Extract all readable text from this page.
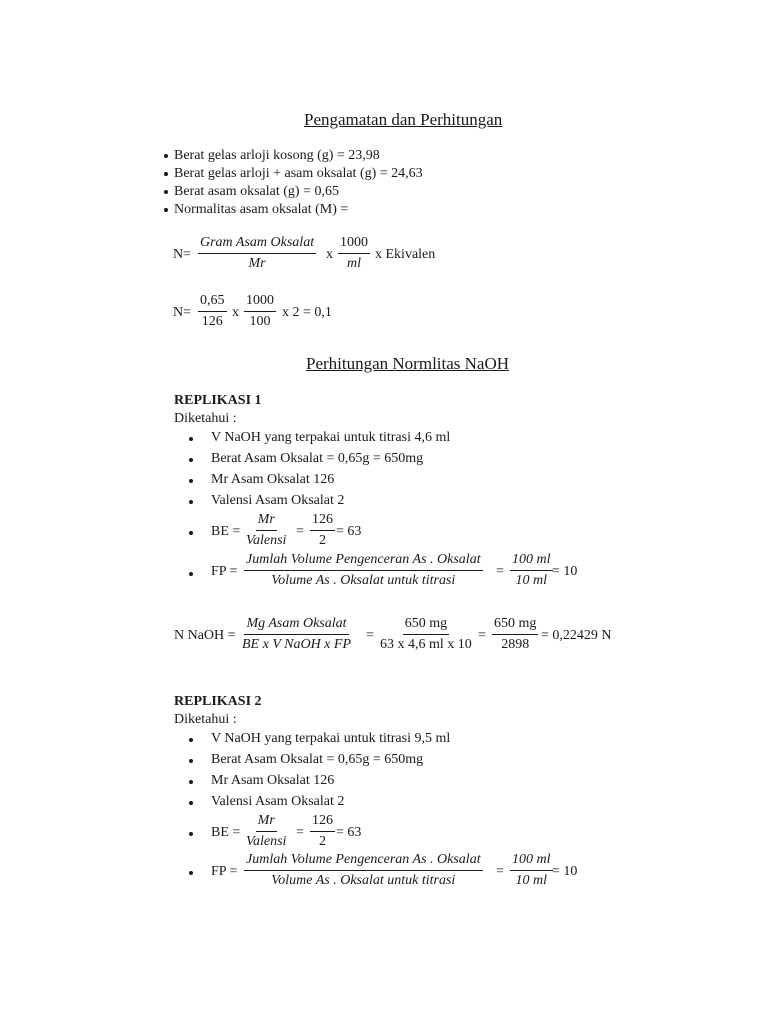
Pengamatan dan Perhitungan
Berat gelas arloji kosong (g) = 23,98
Berat gelas arloji + asam oksalat (g) = 24,63
Berat asam oksalat (g) = 0,65
Normalitas asam oksalat (M) =
N=
Gram Asam Oksalat
Mr
x $\frac{1000}{ml}$ x Ekivalen
$N= \frac{0,65}{126}$ x $\frac{1000}{100}$ x 2 = 0,1
Perhitungan Normlitas NaOH
REPLIKASI 1
Diketahui :
V NaOH yang terpakai untuk titrasi 4,6 ml
Berat Asam Oksalat = 0,65g = 650mg
Mr Asam Oksalat 126
Valensi Asam Oksalat 2
BE =
Mr
Valensi
= $\frac{126}{2} = 63$
FP =
Jumlah Volume Pengenceran As . Oksalat
Volume As . Oksalat untuk titrasi
= $\frac{100 ml}{10 ml} = 10$
N NaOH =
Mg Asam Oksalat
BE x V NaOH x FP
= $\frac{650 mg}{\text{63 x 4,6 ml x 10}} = \frac{650 mg}{2898} = 0,22429$ N
REPLIKASI 2
Diketahui :
V NaOH yang terpakai untuk titrasi 9,5 ml
Berat Asam Oksalat = 0,65g = 650mg
Mr Asam Oksalat 126
Valensi Asam Oksalat 2
BE =
Mr
Valensi
= $\frac{126}{2} = 63$
FP =
Jumlah Volume Pengenceran As . Oksalat
Volume As . Oksalat untuk titrasi
= $\frac{100 ml}{10 ml} = 10$
